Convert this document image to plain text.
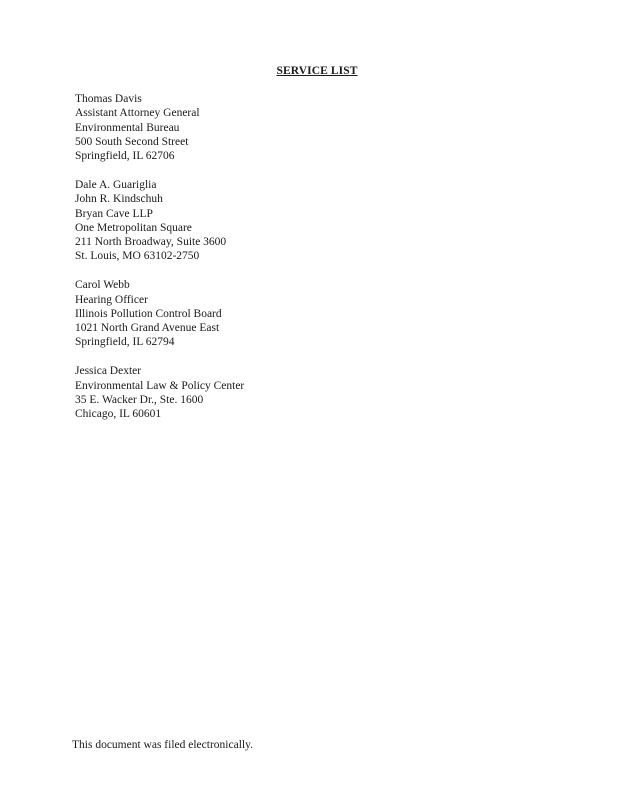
SERVICE LIST
Thomas Davis
Assistant Attorney General
Environmental Bureau
500 South Second Street
Springfield, IL 62706
Dale A. Guariglia
John R. Kindschuh
Bryan Cave LLP
One Metropolitan Square
211 North Broadway, Suite 3600
St. Louis, MO 63102-2750
Carol Webb
Hearing Officer
Illinois Pollution Control Board
1021 North Grand Avenue East
Springfield, IL 62794
Jessica Dexter
Environmental Law & Policy Center
35 E. Wacker Dr., Ste. 1600
Chicago, IL 60601
This document was filed electronically.
